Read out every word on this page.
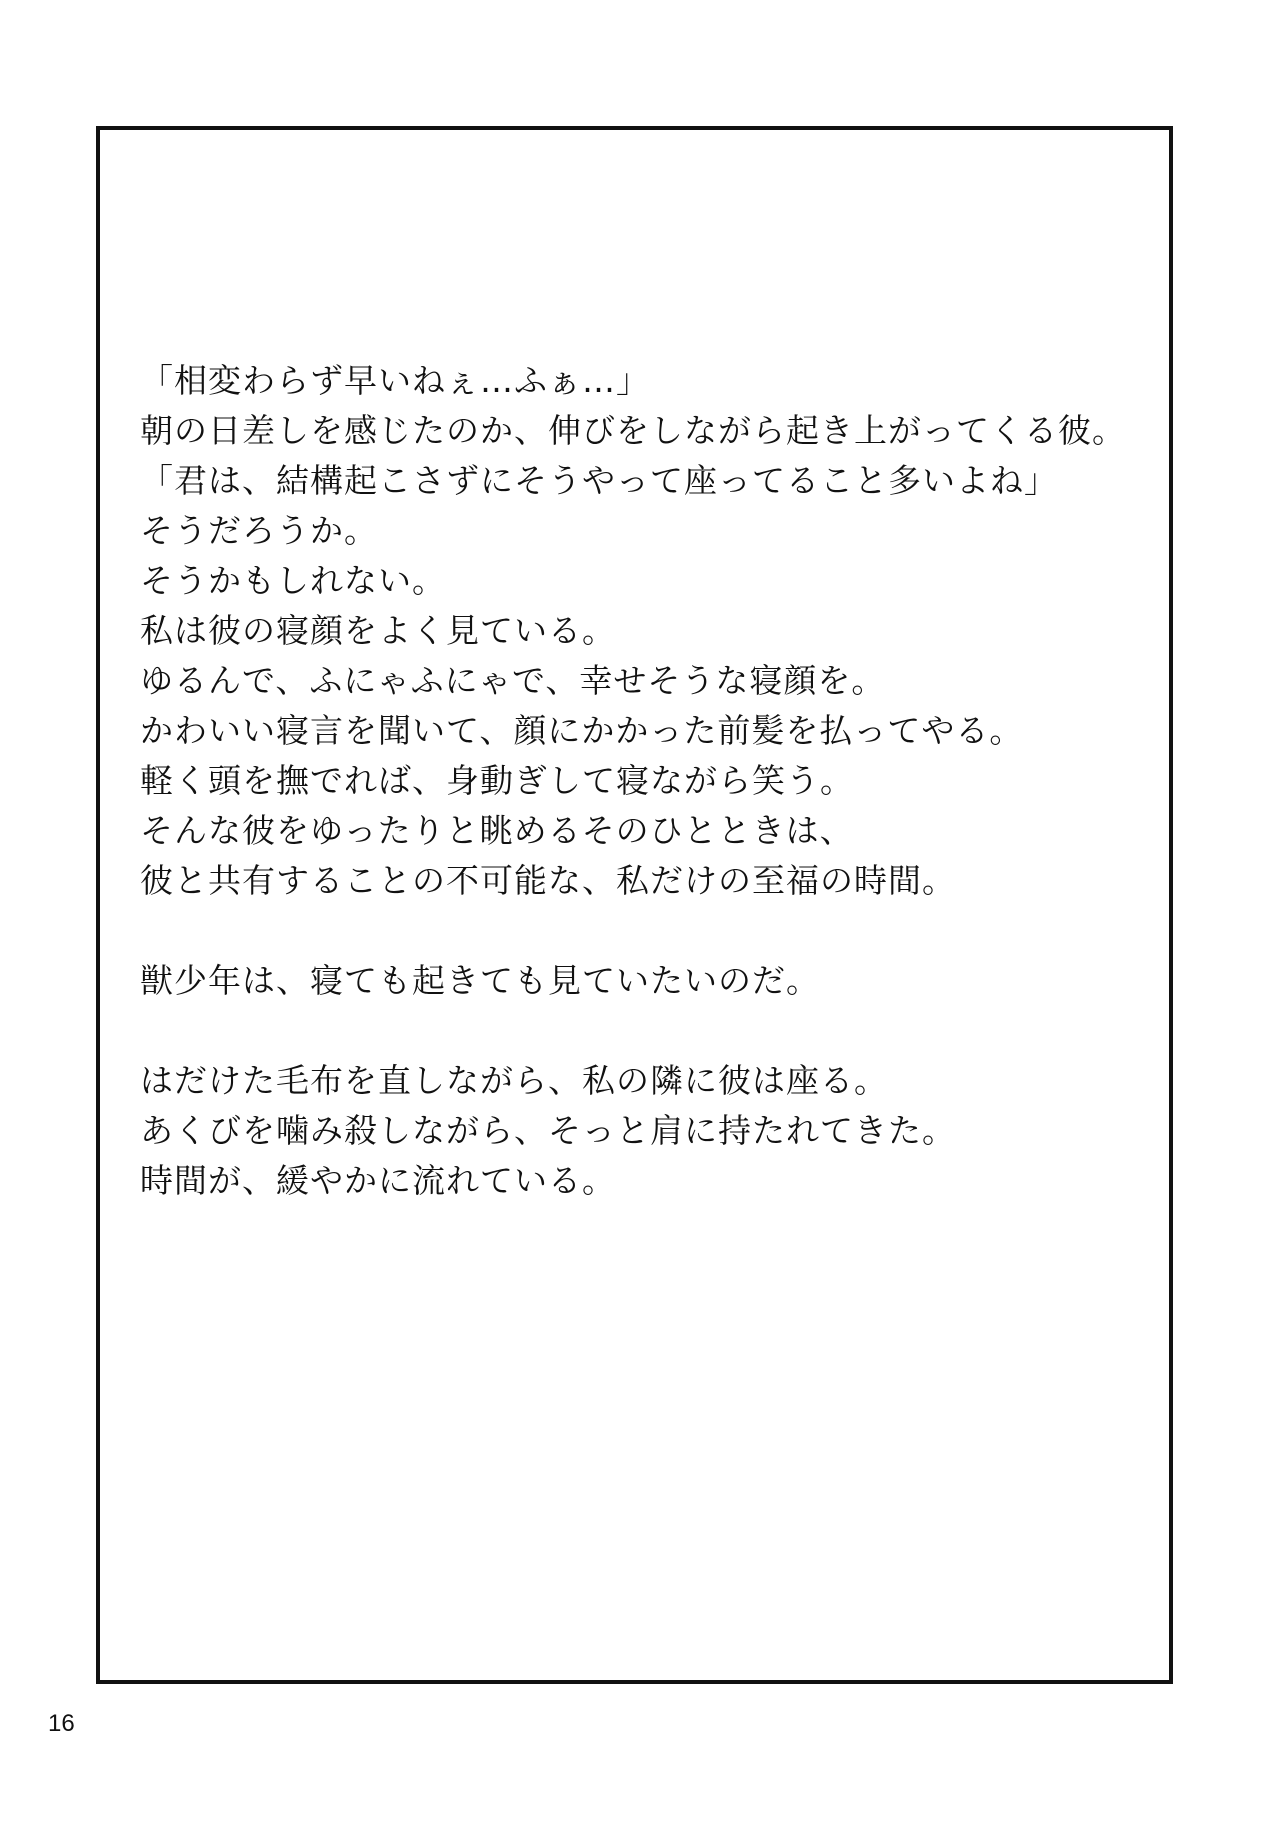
「相変わらず早いねぇ…ふぁ…」
朝の日差しを感じたのか、伸びをしながら起き上がってくる彼。
「君は、結構起こさずにそうやって座ってること多いよね」
そうだろうか。
そうかもしれない。
私は彼の寝顔をよく見ている。
ゆるんで、ふにゃふにゃで、幸せそうな寝顔を。
かわいい寝言を聞いて、顔にかかった前髪を払ってやる。
軽く頭を撫でれば、身動ぎして寝ながら笑う。
そんな彼をゆったりと眺めるそのひとときは、
彼と共有することの不可能な、私だけの至福の時間。
獣少年は、寝ても起きても見ていたいのだ。
はだけた毛布を直しながら、私の隣に彼は座る。
あくびを噛み殺しながら、そっと肩に持たれてきた。
時間が、緩やかに流れている。
16
